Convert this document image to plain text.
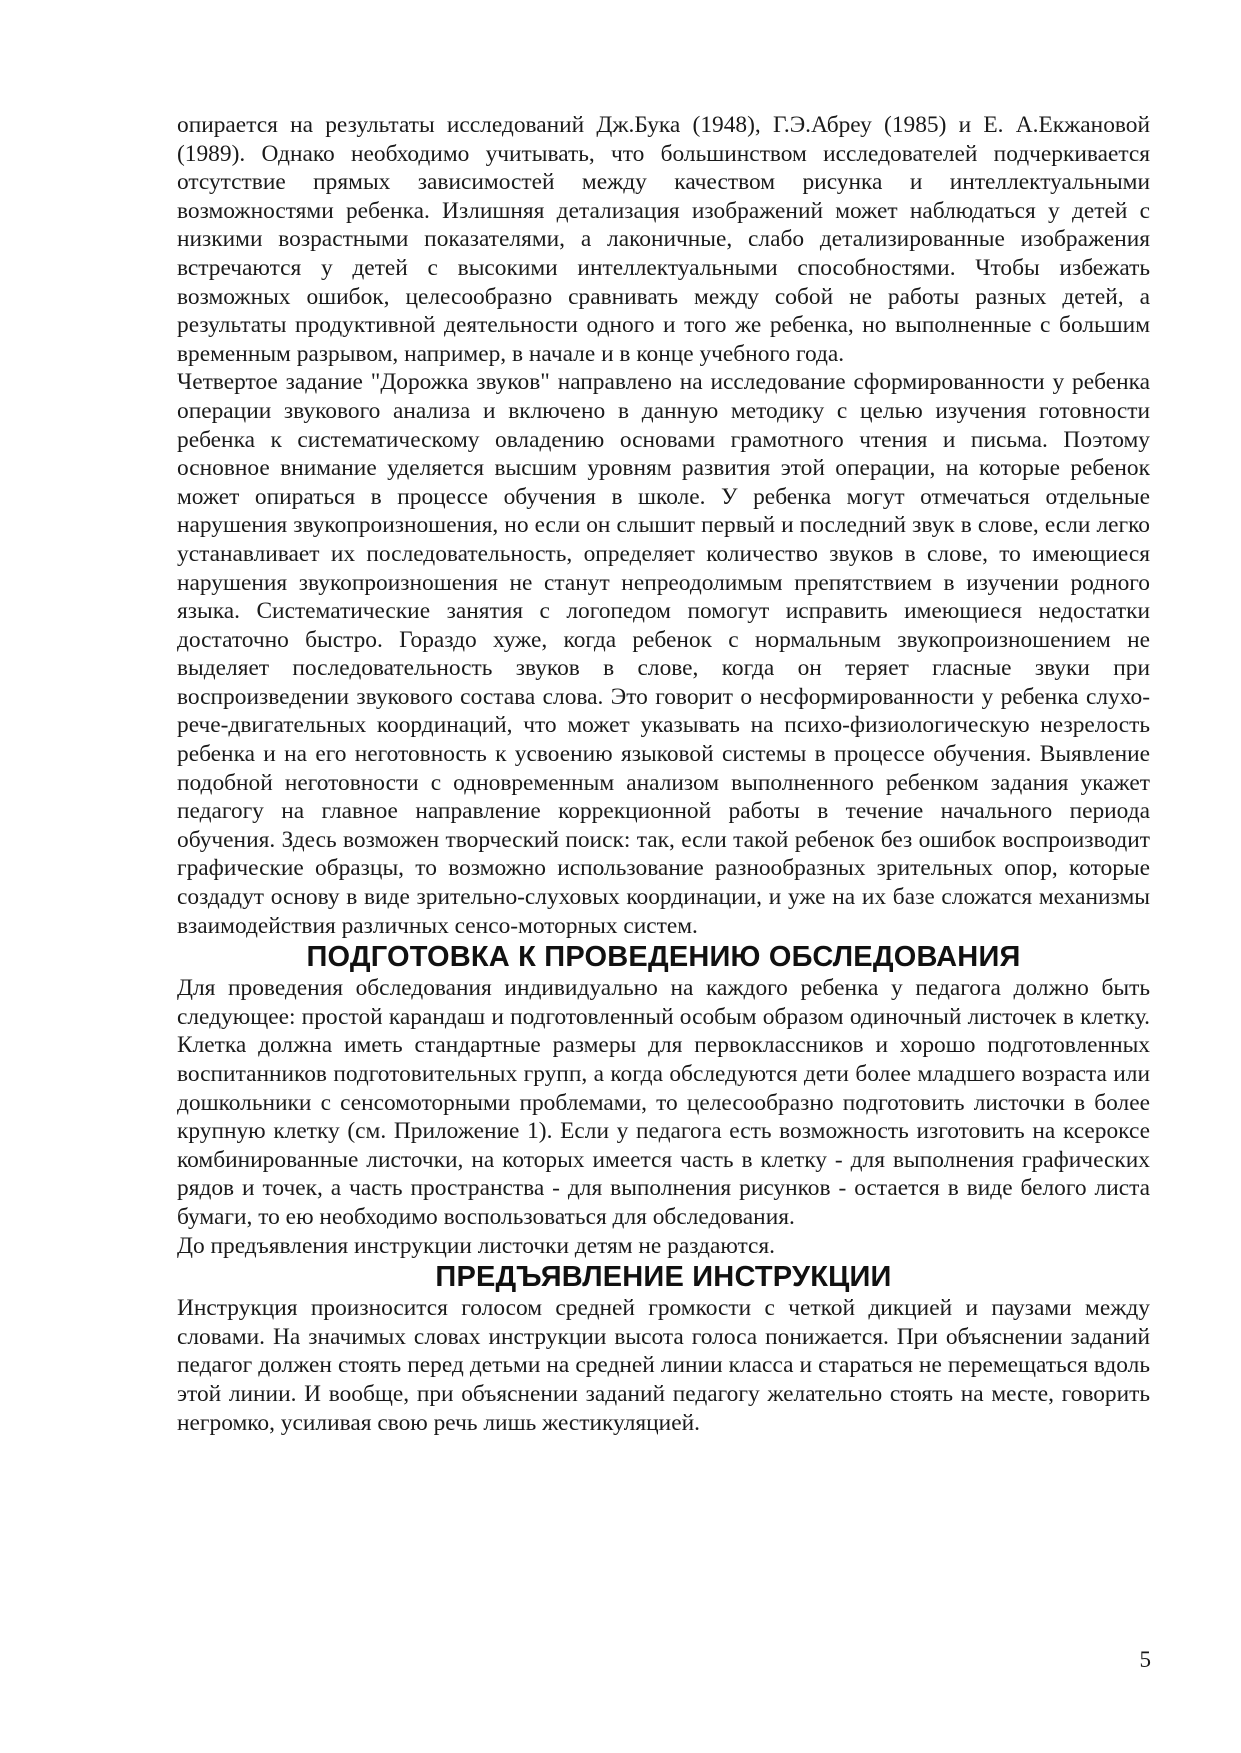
опирается на результаты исследований Дж.Бука (1948), Г.Э.Абреу (1985) и Е. А.Екжановой (1989). Однако необходимо учитывать, что большинством исследователей подчеркивается отсутствие прямых зависимостей между качеством рисунка и интеллектуальными возможностями ребенка. Излишняя детализация изображений может наблюдаться у детей с низкими возрастными показателями, а лаконичные, слабо детализированные изображения встречаются у детей с высокими интеллектуальными способностями. Чтобы избежать возможных ошибок, целесообразно сравнивать между собой не работы разных детей, а результаты продуктивной деятельности одного и того же ребенка, но выполненные с большим временным разрывом, например, в начале и в конце учебного года.

Четвертое задание "Дорожка звуков" направлено на исследование сформированности у ребенка операции звукового анализа и включено в данную методику с целью изучения готовности ребенка к систематическому овладению основами грамотного чтения и письма. Поэтому основное внимание уделяется высшим уровням развития этой операции, на которые ребенок может опираться в процессе обучения в школе. У ребенка могут отмечаться отдельные нарушения звукопроизношения, но если он слышит первый и последний звук в слове, если легко устанавливает их последовательность, определяет количество звуков в слове, то имеющиеся нарушения звукопроизношения не станут непреодолимым препятствием в изучении родного языка. Систематические занятия с логопедом помогут исправить имеющиеся недостатки достаточно быстро. Гораздо хуже, когда ребенок с нормальным звукопроизношением не выделяет последовательность звуков в слове, когда он теряет гласные звуки при воспроизведении звукового состава слова. Это говорит о несформированности у ребенка слухо-рече-двигательных координаций, что может указывать на психо-физиологическую незрелость ребенка и на его неготовность к усвоению языковой системы в процессе обучения. Выявление подобной неготовности с одновременным анализом выполненного ребенком задания укажет педагогу на главное направление коррекционной работы в течение начального периода обучения. Здесь возможен творческий поиск: так, если такой ребенок без ошибок воспроизводит графические образцы, то возможно использование разнообразных зрительных опор, которые создадут основу в виде зрительно-слуховых координации, и уже на их базе сложатся механизмы взаимодействия различных сенсо-моторных систем.

ПОДГОТОВКА К ПРОВЕДЕНИЮ ОБСЛЕДОВАНИЯ

Для проведения обследования индивидуально на каждого ребенка у педагога должно быть следующее: простой карандаш и подготовленный особым образом одиночный листочек в клетку. Клетка должна иметь стандартные размеры для первоклассников и хорошо подготовленных воспитанников подготовительных групп, а когда обследуются дети более младшего возраста или дошкольники с сенсомоторными проблемами, то целесообразно подготовить листочки в более крупную клетку (см. Приложение 1). Если у педагога есть возможность изготовить на ксероксе комбинированные листочки, на которых имеется часть в клетку - для выполнения графических рядов и точек, а часть пространства - для выполнения рисунков - остается в виде белого листа бумаги, то ею необходимо воспользоваться для обследования.

До предъявления инструкции листочки детям не раздаются.

ПРЕДЪЯВЛЕНИЕ ИНСТРУКЦИИ

Инструкция произносится голосом средней громкости с четкой дикцией и паузами между словами. На значимых словах инструкции высота голоса понижается. При объяснении заданий педагог должен стоять перед детьми на средней линии класса и стараться не перемещаться вдоль этой линии. И вообще, при объяснении заданий педагогу желательно стоять на месте, говорить негромко, усиливая свою речь лишь жестикуляцией.

5
